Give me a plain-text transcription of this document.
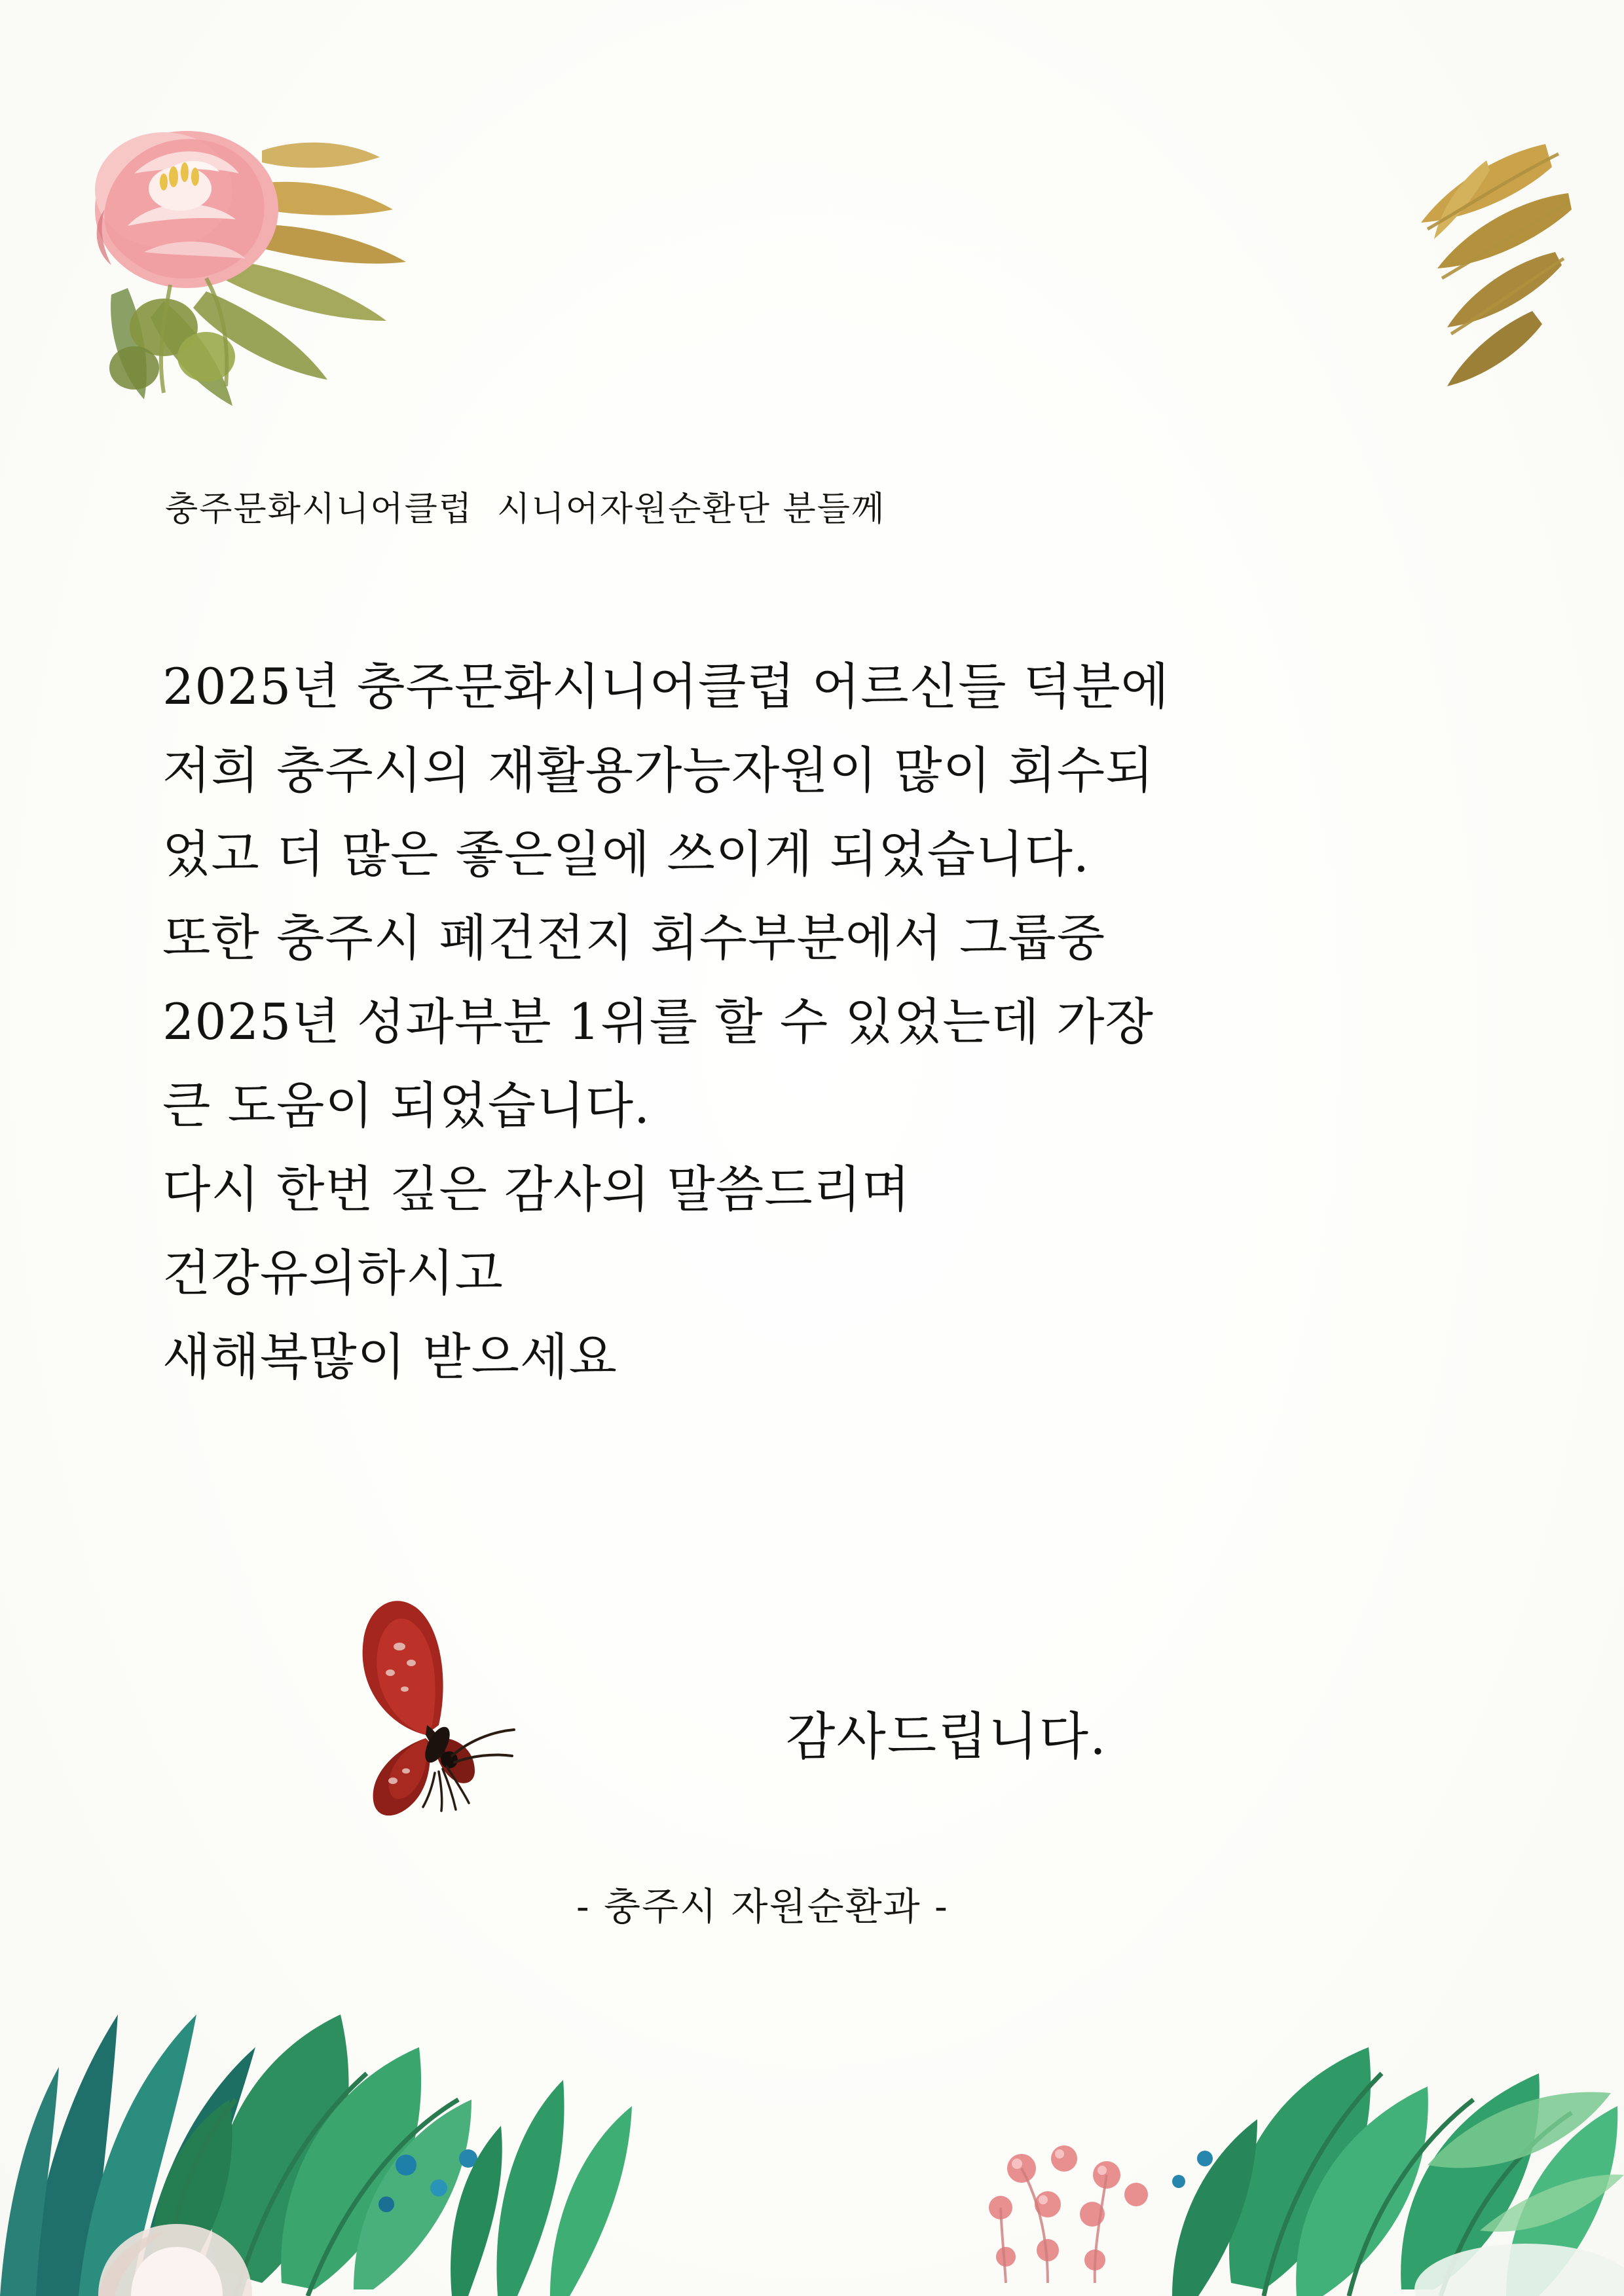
충주문화시니어클럽  시니어자원순환단 분들께
2025년 충주문화시니어클럽 어르신들 덕분에
저희 충주시의 재활용가능자원이 많이 회수되
었고 더 많은 좋은일에 쓰이게 되었습니다.
또한 충주시 폐건전지 회수부분에서 그룹중
2025년 성과부분 1위를 할 수 있었는데 가장
큰 도움이 되었습니다.
다시 한번 깊은 감사의 말씀드리며
건강유의하시고
새해복많이 받으세요
감사드립니다.
- 충주시 자원순환과 -
